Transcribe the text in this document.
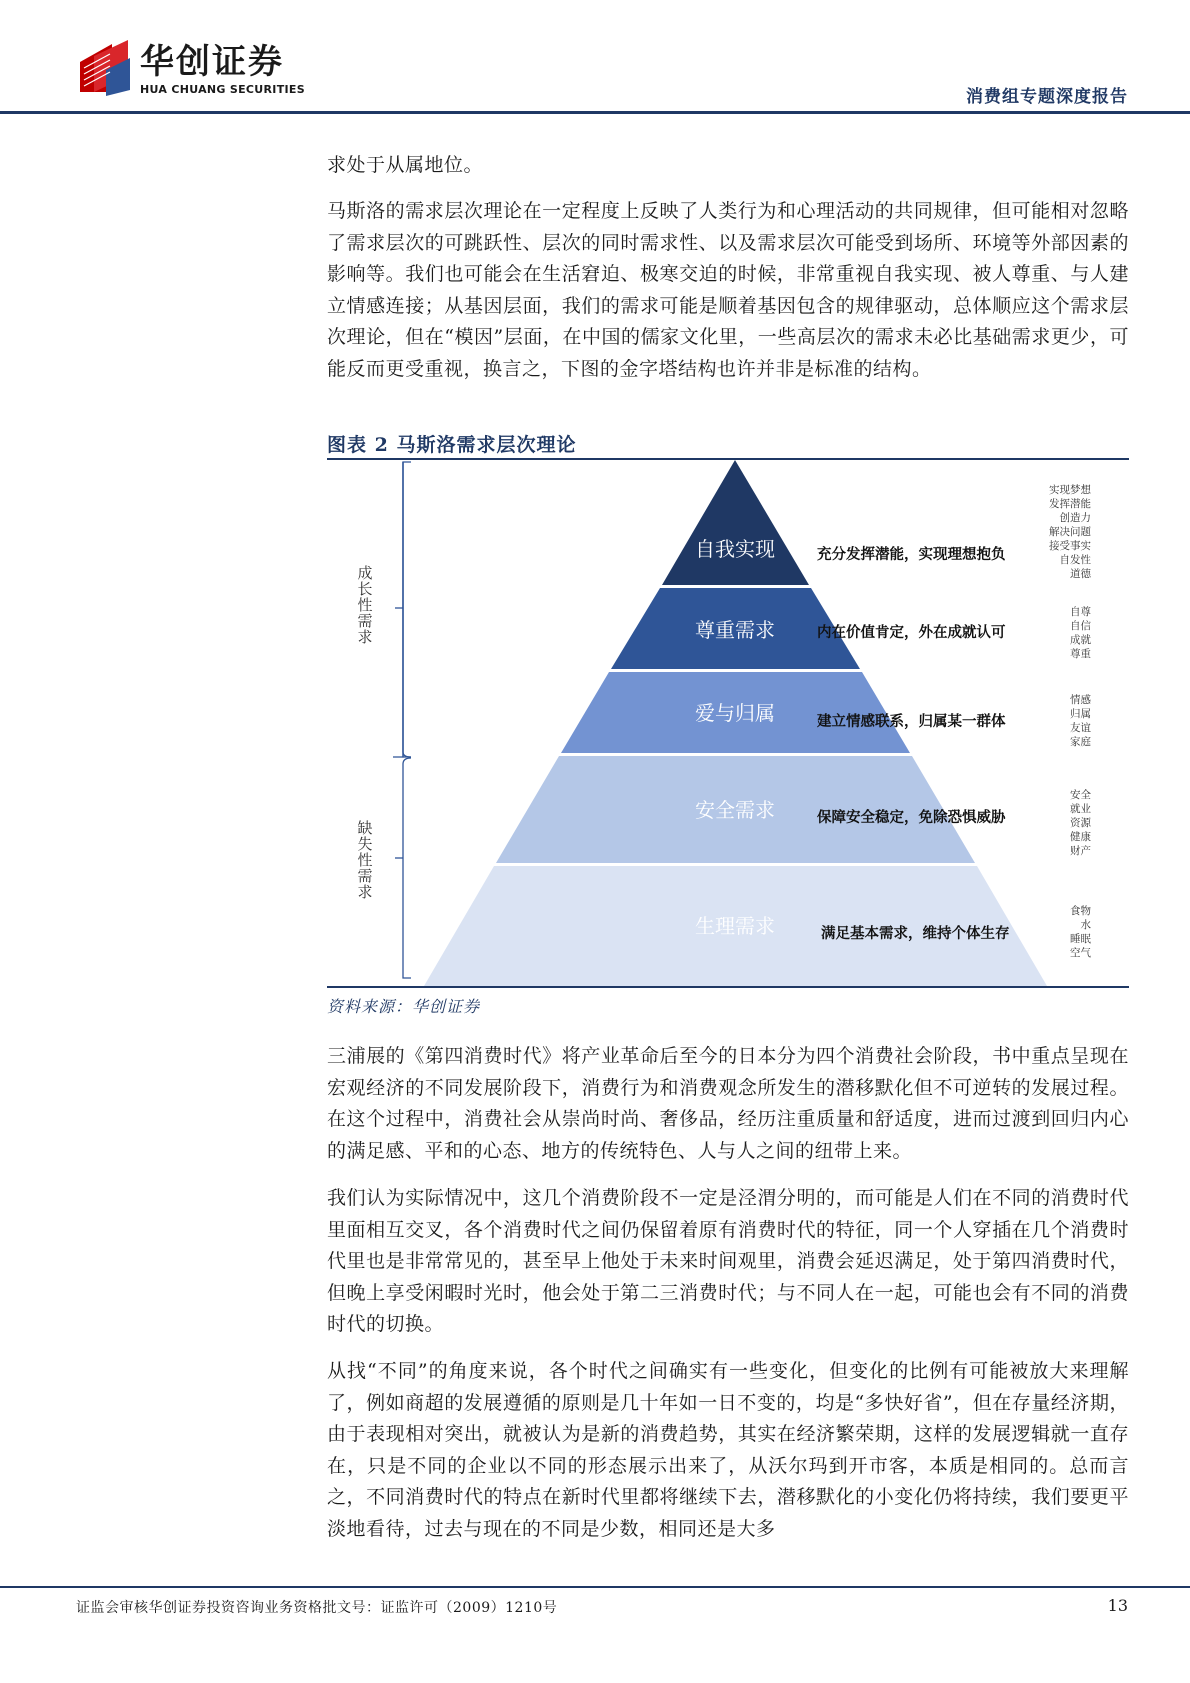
华创证券
HUA CHUANG SECURITIES	消费组专题深度报告

求处于从属地位。

马斯洛的需求层次理论在一定程度上反映了人类行为和心理活动的共同规律，但可能相对忽略了需求层次的可跳跃性、层次的同时需求性、以及需求层次可能受到场所、环境等外部因素的影响等。我们也可能会在生活窘迫、极寒交迫的时候，非常重视自我实现、被人尊重、与人建立情感连接；从基因层面，我们的需求可能是顺着基因包含的规律驱动，总体顺应这个需求层次理论，但在“模因”层面，在中国的儒家文化里，一些高层次的需求未必比基础需求更少，可能反而更受重视，换言之，下图的金字塔结构也许并非是标准的结构。

图表 2 马斯洛需求层次理论
成
长
性
需
求
缺
失
性
需
求
自我实现
尊重需求
爱与归属
安全需求
生理需求
充分发挥潜能，实现理想抱负
内在价值肯定，外在成就认可
建立情感联系，归属某一群体
保障安全稳定，免除恐惧威胁
满足基本需求，维持个体生存
实现梦想
发挥潜能
创造力
解决问题
接受事实
自发性
道德
自尊
自信
成就
尊重
情感
归属
友谊
家庭
安全
就业
资源
健康
财产
食物
水
睡眠
空气
资料来源：华创证券

三浦展的《第四消费时代》将产业革命后至今的日本分为四个消费社会阶段，书中重点呈现在宏观经济的不同发展阶段下，消费行为和消费观念所发生的潜移默化但不可逆转的发展过程。在这个过程中，消费社会从崇尚时尚、奢侈品，经历注重质量和舒适度，进而过渡到回归内心的满足感、平和的心态、地方的传统特色、人与人之间的纽带上来。

我们认为实际情况中，这几个消费阶段不一定是泾渭分明的，而可能是人们在不同的消费时代里面相互交叉，各个消费时代之间仍保留着原有消费时代的特征，同一个人穿插在几个消费时代里也是非常常见的，甚至早上他处于未来时间观里，消费会延迟满足，处于第四消费时代，但晚上享受闲暇时光时，他会处于第二三消费时代；与不同人在一起，可能也会有不同的消费时代的切换。

从找“不同”的角度来说，各个时代之间确实有一些变化，但变化的比例有可能被放大来理解了，例如商超的发展遵循的原则是几十年如一日不变的，均是“多快好省”，但在存量经济期，由于表现相对突出，就被认为是新的消费趋势，其实在经济繁荣期，这样的发展逻辑就一直存在，只是不同的企业以不同的形态展示出来了，从沃尔玛到开市客，本质是相同的。总而言之，不同消费时代的特点在新时代里都将继续下去，潜移默化的小变化仍将持续，我们要更平淡地看待，过去与现在的不同是少数，相同还是大多

证监会审核华创证券投资咨询业务资格批文号：证监许可（2009）1210号	13
